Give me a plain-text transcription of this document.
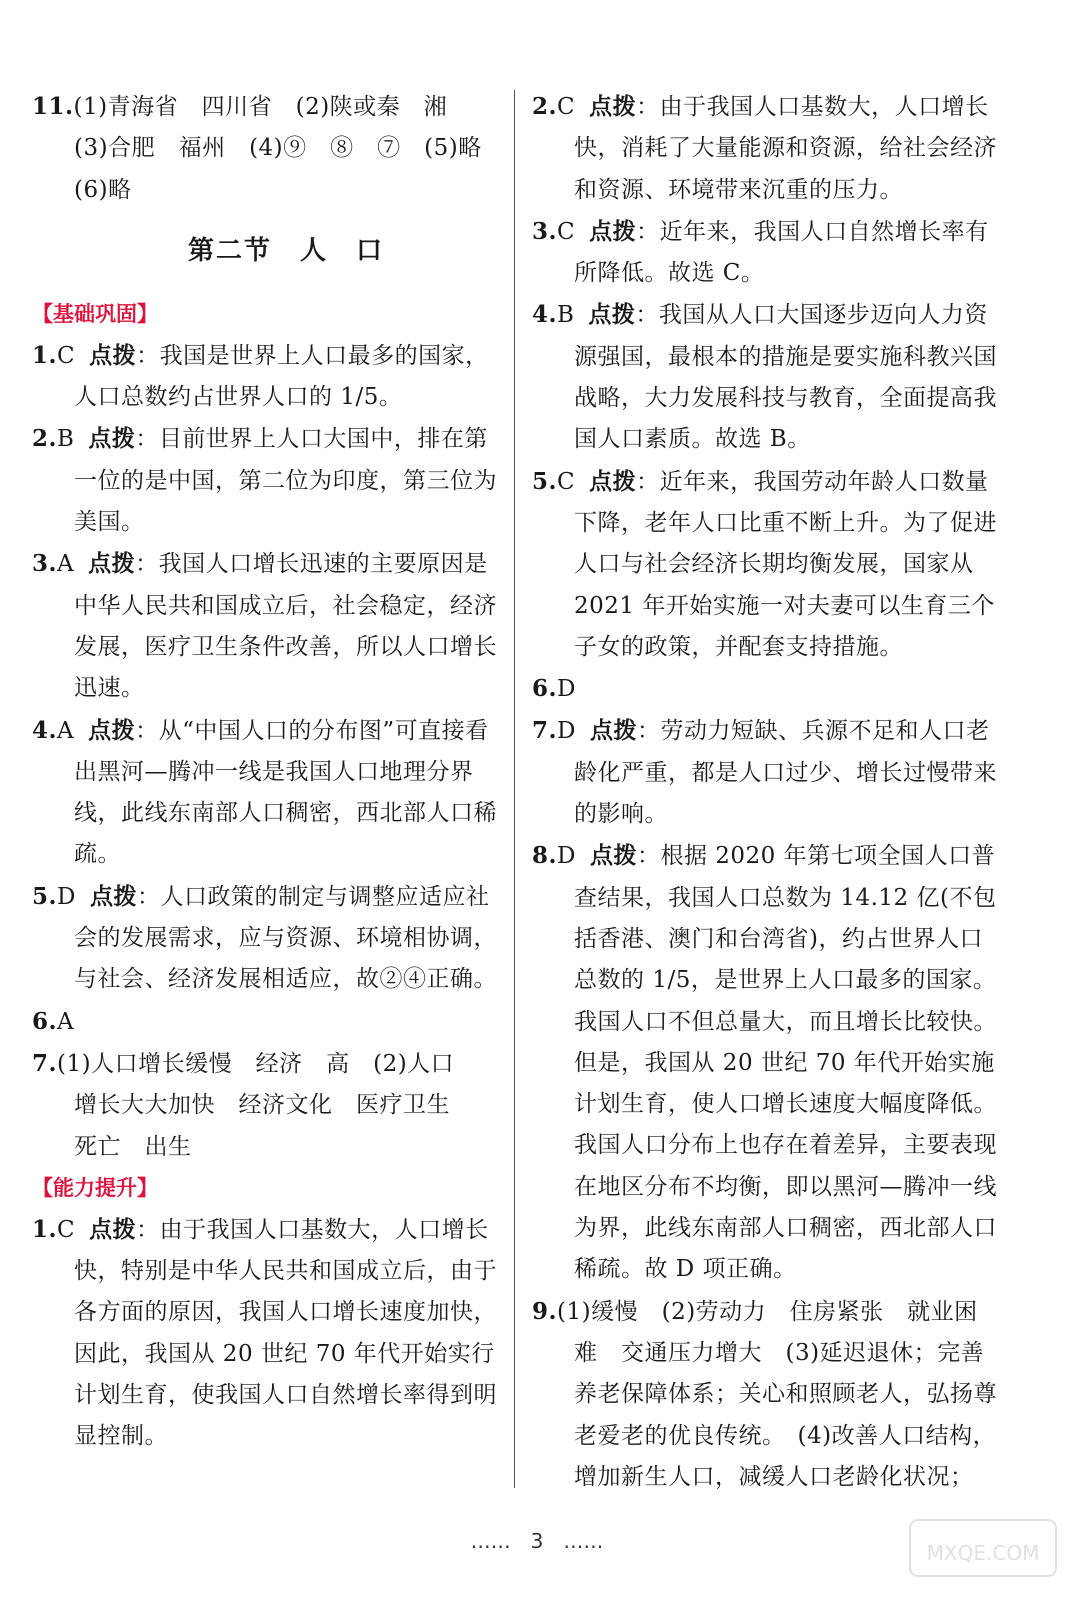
11.(1)青海省　四川省　(2)陕或秦　湘
(3)合肥　福州　(4)⑨　⑧　⑦　(5)略
(6)略
第二节　人　口
【基础巩固】
1.C 点拨：我国是世界上人口最多的国家，人口总数约占世界人口的 1/5。
2.B 点拨：目前世界上人口大国中，排在第一位的是中国，第二位为印度，第三位为美国。
3.A 点拨：我国人口增长迅速的主要原因是中华人民共和国成立后，社会稳定，经济发展，医疗卫生条件改善，所以人口增长迅速。
4.A 点拨：从“中国人口的分布图”可直接看出黑河—腾冲一线是我国人口地理分界线，此线东南部人口稠密，西北部人口稀疏。
5.D 点拨：人口政策的制定与调整应适应社会的发展需求，应与资源、环境相协调，与社会、经济发展相适应，故②④正确。
6.A
7.(1)人口增长缓慢　经济　高　(2)人口
增长大大加快　经济文化　医疗卫生
死亡　出生
【能力提升】
1.C 点拨：由于我国人口基数大，人口增长快，特别是中华人民共和国成立后，由于各方面的原因，我国人口增长速度加快，因此，我国从 20 世纪 70 年代开始实行计划生育，使我国人口自然增长率得到明显控制。
2.C 点拨：由于我国人口基数大，人口增长快，消耗了大量能源和资源，给社会经济和资源、环境带来沉重的压力。
3.C 点拨：近年来，我国人口自然增长率有所降低。故选 C。
4.B 点拨：我国从人口大国逐步迈向人力资源强国，最根本的措施是要实施科教兴国战略，大力发展科技与教育，全面提高我国人口素质。故选 B。
5.C 点拨：近年来，我国劳动年龄人口数量下降，老年人口比重不断上升。为了促进人口与社会经济长期均衡发展，国家从 2021 年开始实施一对夫妻可以生育三个子女的政策，并配套支持措施。
6.D
7.D 点拨：劳动力短缺、兵源不足和人口老龄化严重，都是人口过少、增长过慢带来的影响。
8.D 点拨：根据 2020 年第七项全国人口普查结果，我国人口总数为 14.12 亿(不包括香港、澳门和台湾省)，约占世界人口总数的 1/5，是世界上人口最多的国家。我国人口不但总量大，而且增长比较快。但是，我国从 20 世纪 70 年代开始实施计划生育，使人口增长速度大幅度降低。我国人口分布上也存在着差异，主要表现在地区分布不均衡，即以黑河—腾冲一线为界，此线东南部人口稠密，西北部人口稀疏。故 D 项正确。
9.(1)缓慢　(2)劳动力　住房紧张　就业困难　交通压力增大　(3)延迟退休；完善养老保障体系；关心和照顾老人，弘扬尊老爱老的优良传统。　(4)改善人口结构，增加新生人口，减缓人口老龄化状况；
……　3　……	MXQE.COM
